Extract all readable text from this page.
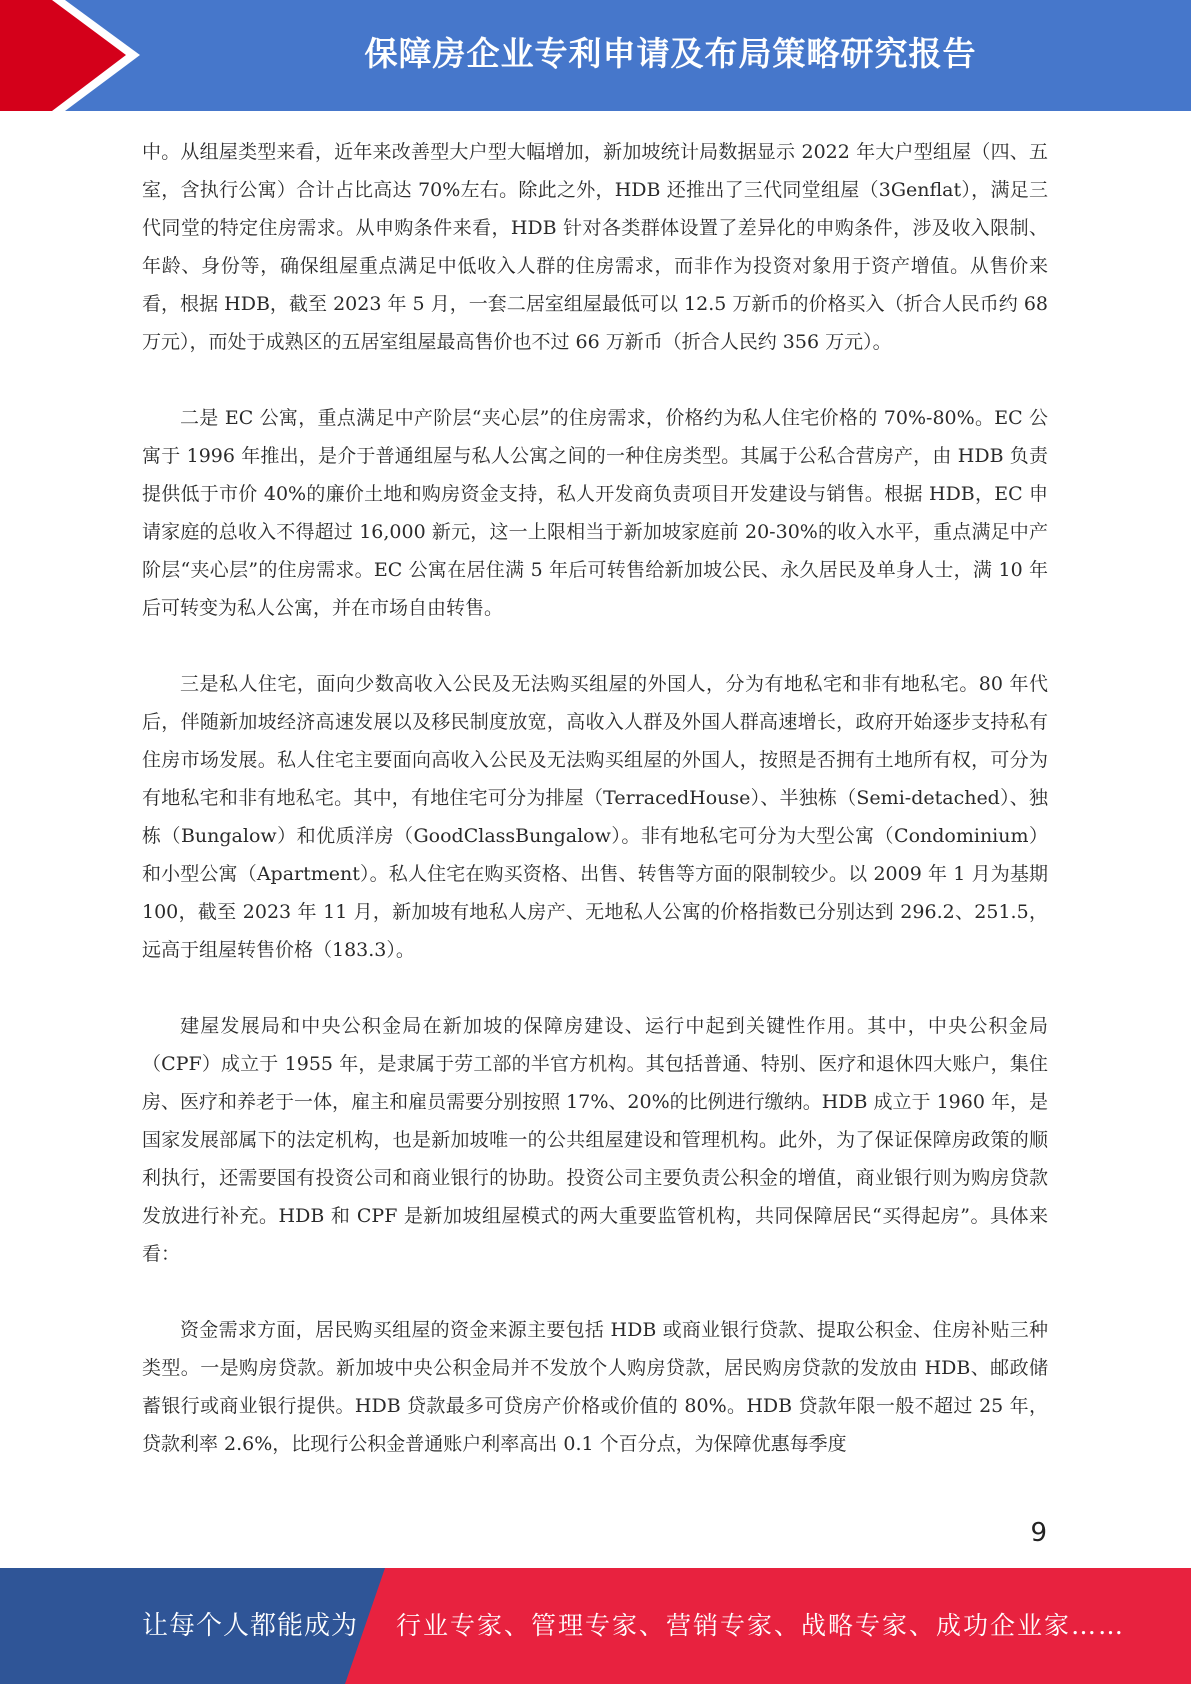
保障房企业专利申请及布局策略研究报告

中。从组屋类型来看，近年来改善型大户型大幅增加，新加坡统计局数据显示 2022 年大户型组屋（四、五室，含执行公寓）合计占比高达 70%左右。除此之外，HDB 还推出了三代同堂组屋（3Genflat），满足三代同堂的特定住房需求。从申购条件来看，HDB 针对各类群体设置了差异化的申购条件，涉及收入限制、年龄、身份等，确保组屋重点满足中低收入人群的住房需求，而非作为投资对象用于资产增值。从售价来看，根据 HDB，截至 2023 年 5 月，一套二居室组屋最低可以 12.5 万新币的价格买入（折合人民币约 68 万元），而处于成熟区的五居室组屋最高售价也不过 66 万新币（折合人民约 356 万元）。

二是 EC 公寓，重点满足中产阶层“夹心层”的住房需求，价格约为私人住宅价格的 70%-80%。EC 公寓于 1996 年推出，是介于普通组屋与私人公寓之间的一种住房类型。其属于公私合营房产，由 HDB 负责提供低于市价 40%的廉价土地和购房资金支持，私人开发商负责项目开发建设与销售。根据 HDB，EC 申请家庭的总收入不得超过 16,000 新元，这一上限相当于新加坡家庭前 20-30%的收入水平，重点满足中产阶层“夹心层”的住房需求。EC 公寓在居住满 5 年后可转售给新加坡公民、永久居民及单身人士，满 10 年后可转变为私人公寓，并在市场自由转售。

三是私人住宅，面向少数高收入公民及无法购买组屋的外国人，分为有地私宅和非有地私宅。80 年代后，伴随新加坡经济高速发展以及移民制度放宽，高收入人群及外国人群高速增长，政府开始逐步支持私有住房市场发展。私人住宅主要面向高收入公民及无法购买组屋的外国人，按照是否拥有土地所有权，可分为有地私宅和非有地私宅。其中，有地住宅可分为排屋（TerracedHouse）、半独栋（Semi-detached）、独栋（Bungalow）和优质洋房（GoodClassBungalow）。非有地私宅可分为大型公寓（Condominium）和小型公寓（Apartment）。私人住宅在购买资格、出售、转售等方面的限制较少。以 2009 年 1 月为基期 100，截至 2023 年 11 月，新加坡有地私人房产、无地私人公寓的价格指数已分别达到 296.2、251.5，远高于组屋转售价格（183.3）。

建屋发展局和中央公积金局在新加坡的保障房建设、运行中起到关键性作用。其中，中央公积金局（CPF）成立于 1955 年，是隶属于劳工部的半官方机构。其包括普通、特别、医疗和退休四大账户，集住房、医疗和养老于一体，雇主和雇员需要分别按照 17%、20%的比例进行缴纳。HDB 成立于 1960 年，是国家发展部属下的法定机构，也是新加坡唯一的公共组屋建设和管理机构。此外，为了保证保障房政策的顺利执行，还需要国有投资公司和商业银行的协助。投资公司主要负责公积金的增值，商业银行则为购房贷款发放进行补充。HDB 和 CPF 是新加坡组屋模式的两大重要监管机构，共同保障居民“买得起房”。具体来看：

资金需求方面，居民购买组屋的资金来源主要包括 HDB 或商业银行贷款、提取公积金、住房补贴三种类型。一是购房贷款。新加坡中央公积金局并不发放个人购房贷款，居民购房贷款的发放由 HDB、邮政储蓄银行或商业银行提供。HDB 贷款最多可贷房产价格或价值的 80%。HDB 贷款年限一般不超过 25 年，贷款利率 2.6%，比现行公积金普通账户利率高出 0.1 个百分点，为保障优惠每季度

9
让每个人都能成为 行业专家、管理专家、营销专家、战略专家、成功企业家……
